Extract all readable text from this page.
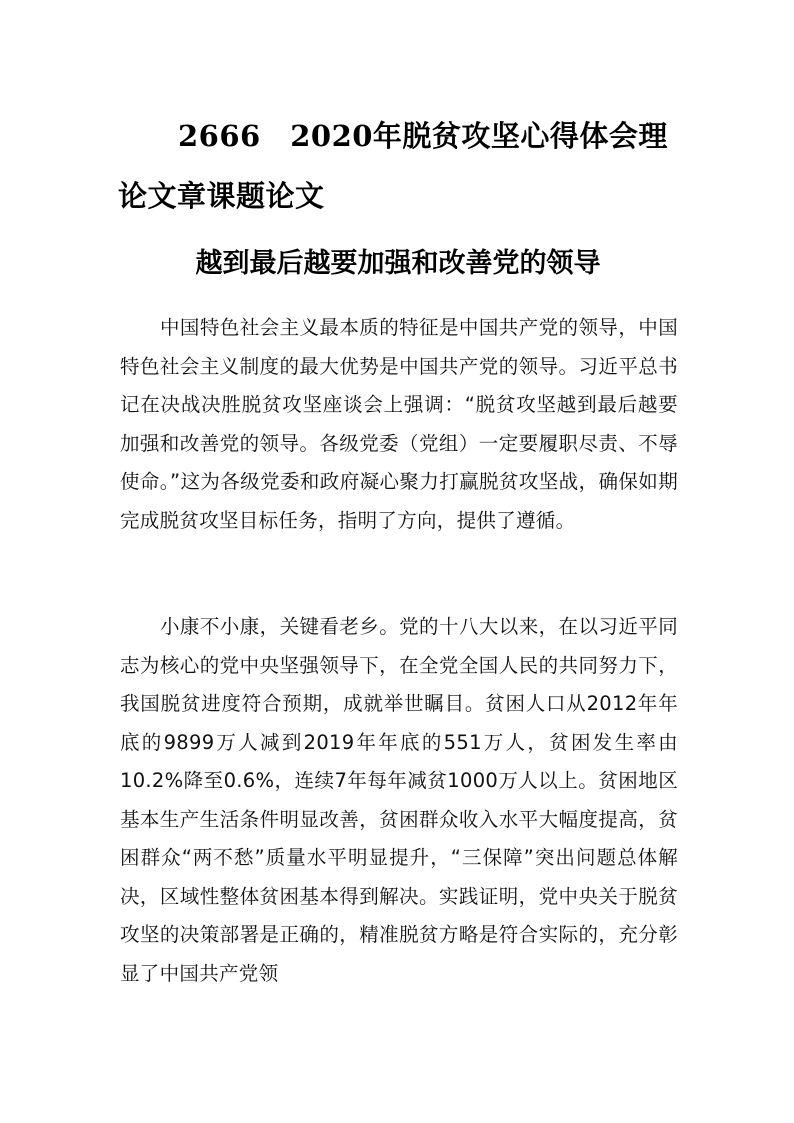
2666　2020年脱贫攻坚心得体会理论文章课题论文
越到最后越要加强和改善党的领导

中国特色社会主义最本质的特征是中国共产党的领导，中国特色社会主义制度的最大优势是中国共产党的领导。习近平总书记在决战决胜脱贫攻坚座谈会上强调：“脱贫攻坚越到最后越要加强和改善党的领导。各级党委（党组）一定要履职尽责、不辱使命。”这为各级党委和政府凝心聚力打赢脱贫攻坚战，确保如期完成脱贫攻坚目标任务，指明了方向，提供了遵循。

小康不小康，关键看老乡。党的十八大以来，在以习近平同志为核心的党中央坚强领导下，在全党全国人民的共同努力下，我国脱贫进度符合预期，成就举世瞩目。贫困人口从2012年年底的9899万人减到2019年年底的551万人，贫困发生率由10.2%降至0.6%，连续7年每年减贫1000万人以上。贫困地区基本生产生活条件明显改善，贫困群众收入水平大幅度提高，贫困群众“两不愁”质量水平明显提升，“三保障”突出问题总体解决，区域性整体贫困基本得到解决。实践证明，党中央关于脱贫攻坚的决策部署是正确的，精准脱贫方略是符合实际的，充分彰显了中国共产党领
